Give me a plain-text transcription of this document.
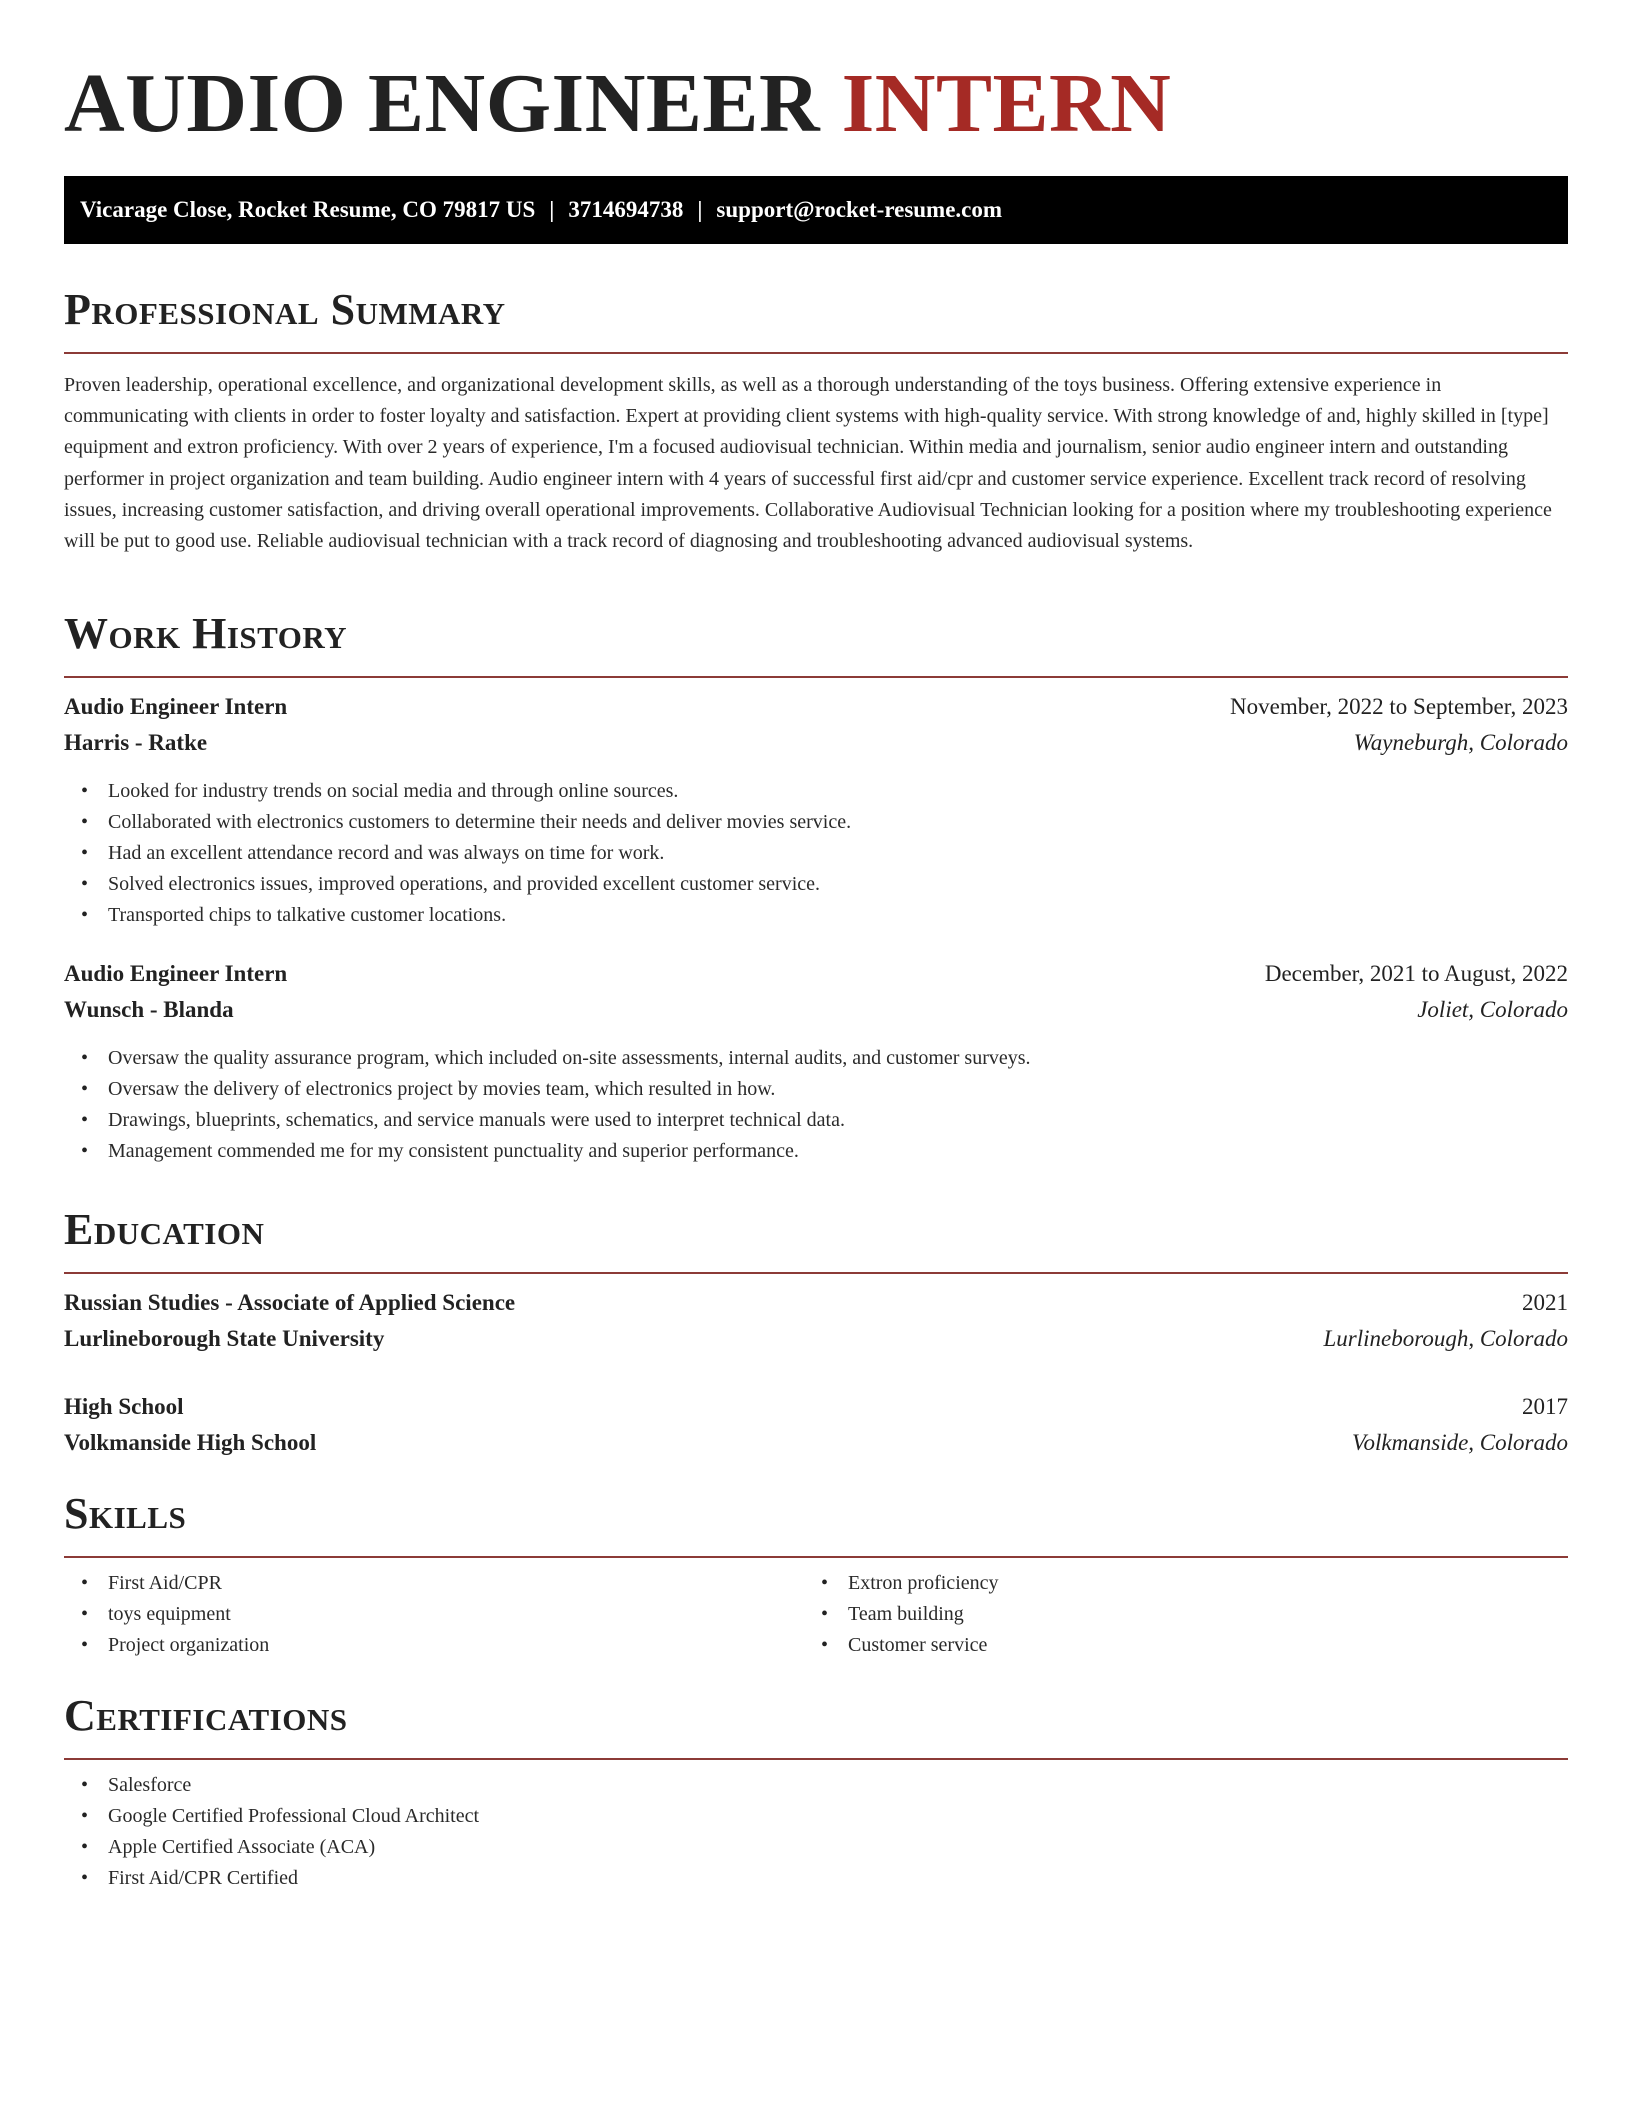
AUDIO ENGINEER INTERN
Vicarage Close, Rocket Resume, CO 79817 US | 3714694738 | support@rocket-resume.com
Professional Summary
Proven leadership, operational excellence, and organizational development skills, as well as a thorough understanding of the toys business. Offering extensive experience in communicating with clients in order to foster loyalty and satisfaction. Expert at providing client systems with high-quality service. With strong knowledge of and, highly skilled in [type] equipment and extron proficiency. With over 2 years of experience, I'm a focused audiovisual technician. Within media and journalism, senior audio engineer intern and outstanding performer in project organization and team building. Audio engineer intern with 4 years of successful first aid/cpr and customer service experience. Excellent track record of resolving issues, increasing customer satisfaction, and driving overall operational improvements. Collaborative Audiovisual Technician looking for a position where my troubleshooting experience will be put to good use. Reliable audiovisual technician with a track record of diagnosing and troubleshooting advanced audiovisual systems.
Work History
Audio Engineer Intern	November, 2022 to September, 2023
Harris - Ratke	Wayneburgh, Colorado
• Looked for industry trends on social media and through online sources.
• Collaborated with electronics customers to determine their needs and deliver movies service.
• Had an excellent attendance record and was always on time for work.
• Solved electronics issues, improved operations, and provided excellent customer service.
• Transported chips to talkative customer locations.
Audio Engineer Intern	December, 2021 to August, 2022
Wunsch - Blanda	Joliet, Colorado
• Oversaw the quality assurance program, which included on-site assessments, internal audits, and customer surveys.
• Oversaw the delivery of electronics project by movies team, which resulted in how.
• Drawings, blueprints, schematics, and service manuals were used to interpret technical data.
• Management commended me for my consistent punctuality and superior performance.
Education
Russian Studies - Associate of Applied Science	2021
Lurlineborough State University	Lurlineborough, Colorado
High School	2017
Volkmanside High School	Volkmanside, Colorado
Skills
• First Aid/CPR
• toys equipment
• Project organization
• Extron proficiency
• Team building
• Customer service
Certifications
• Salesforce
• Google Certified Professional Cloud Architect
• Apple Certified Associate (ACA)
• First Aid/CPR Certified
